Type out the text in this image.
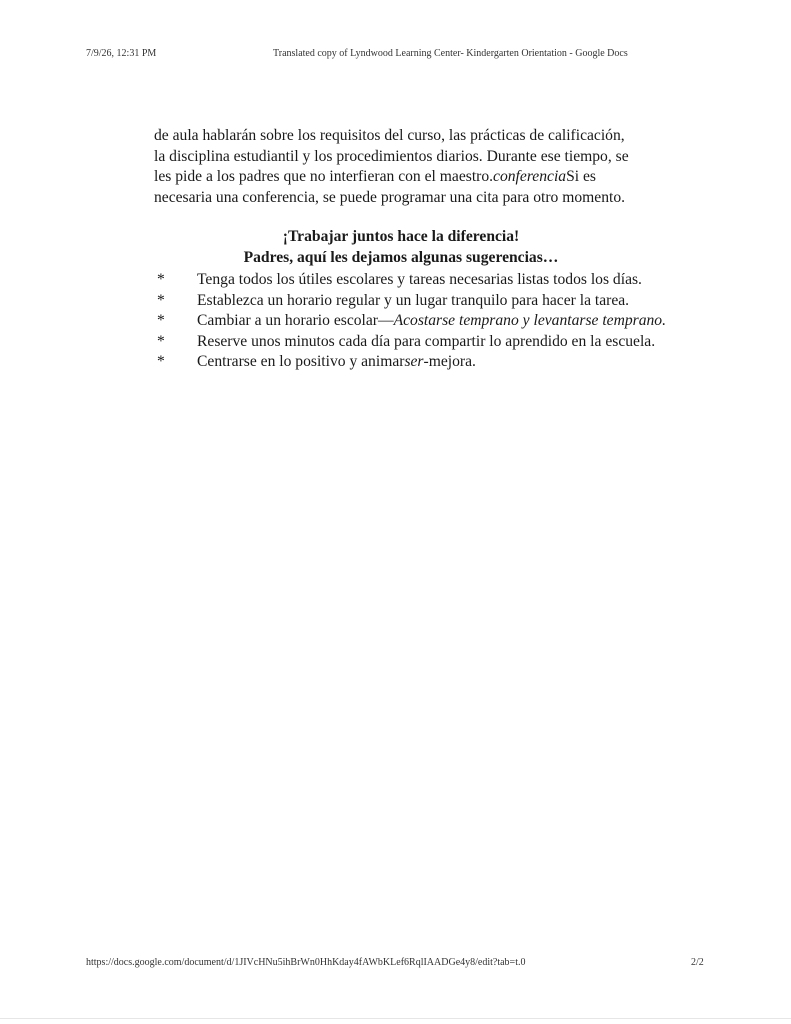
7/9/26, 12:31 PM	Translated copy of Lyndwood Learning Center- Kindergarten Orientation - Google Docs

de aula hablarán sobre los requisitos del curso, las prácticas de calificación,
la disciplina estudiantil y los procedimientos diarios. Durante ese tiempo, se
les pide a los padres que no interfieran con el maestro.conferenciaSi es
necesaria una conferencia, se puede programar una cita para otro momento.

¡Trabajar juntos hace la diferencia!
Padres, aquí les dejamos algunas sugerencias…
* Tenga todos los útiles escolares y tareas necesarias listas todos los días.
* Establezca un horario regular y un lugar tranquilo para hacer la tarea.
* Cambiar a un horario escolar—Acostarse temprano y levantarse temprano.
* Reserve unos minutos cada día para compartir lo aprendido en la escuela.
* Centrarse en lo positivo y animarser-mejora.
https://docs.google.com/document/d/1JIVcHNu5ihBrWn0HhKday4fAWbKLef6RqlIAADGe4y8/edit?tab=t.0	2/2
